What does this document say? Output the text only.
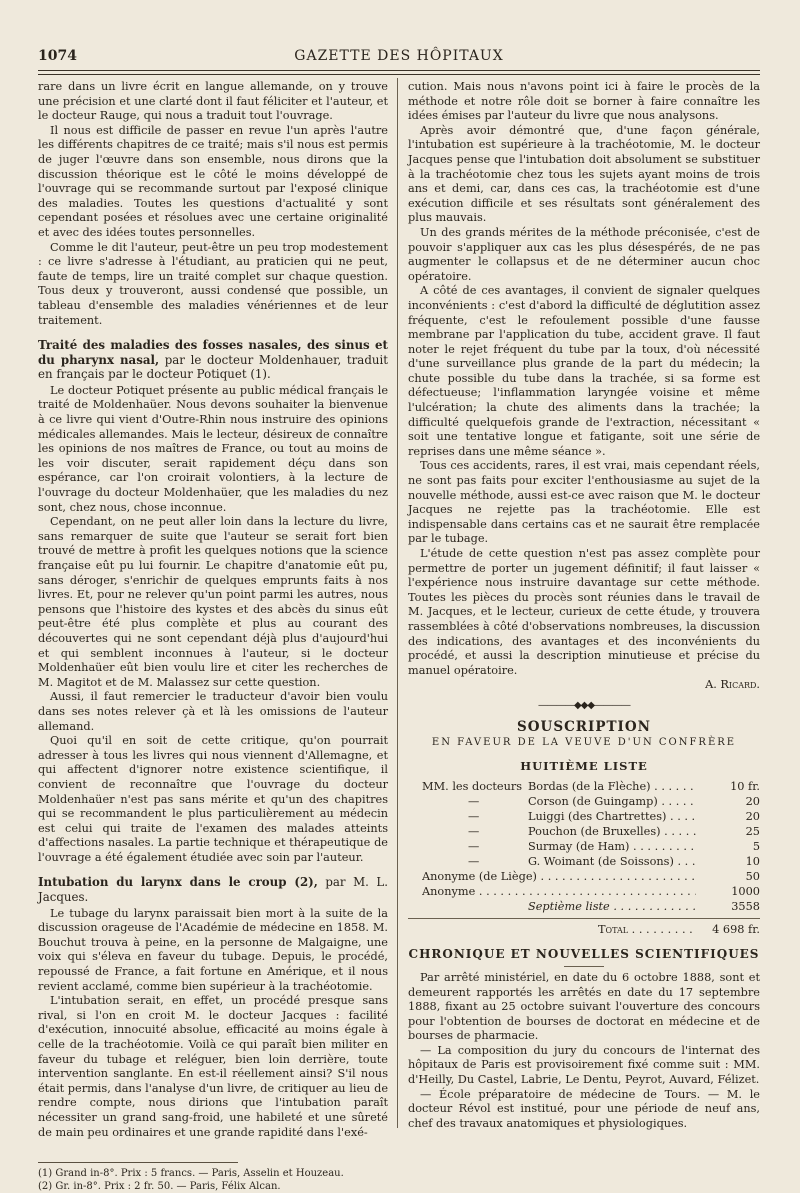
1074	GAZETTE DES HÔPITAUX

rare dans un livre écrit en langue allemande, on y trouve une précision et une clarté dont il faut féliciter et l'auteur, et le docteur Rauge, qui nous a traduit tout l'ouvrage.

Il nous est difficile de passer en revue l'un après l'autre les différents chapitres de ce traité; mais s'il nous est permis de juger l'œuvre dans son ensemble, nous dirons que la discussion théorique est le côté le moins développé de l'ouvrage qui se recommande surtout par l'exposé clinique des maladies. Toutes les questions d'actualité y sont cependant posées et résolues avec une certaine originalité et avec des idées toutes personnelles.

Comme le dit l'auteur, peut-être un peu trop modestement : ce livre s'adresse à l'étudiant, au praticien qui ne peut, faute de temps, lire un traité complet sur chaque question. Tous deux y trouveront, aussi condensé que possible, un tableau d'ensemble des maladies vénériennes et de leur traitement.

Traité des maladies des fosses nasales, des sinus et du pharynx nasal, par le docteur Moldenhauer, traduit en français par le docteur Potiquet (1).

Le docteur Potiquet présente au public médical français le traité de Moldenhaüer. Nous devons souhaiter la bienvenue à ce livre qui vient d'Outre-Rhin nous instruire des opinions médicales allemandes. Mais le lecteur, désireux de connaître les opinions de nos maîtres de France, ou tout au moins de les voir discuter, serait rapidement déçu dans son espérance, car l'on croirait volontiers, à la lecture de l'ouvrage du docteur Moldenhaüer, que les maladies du nez sont, chez nous, chose inconnue.

Cependant, on ne peut aller loin dans la lecture du livre, sans remarquer de suite que l'auteur se serait fort bien trouvé de mettre à profit les quelques notions que la science française eût pu lui fournir. Le chapitre d'anatomie eût pu, sans déroger, s'enrichir de quelques emprunts faits à nos livres. Et, pour ne relever qu'un point parmi les autres, nous pensons que l'histoire des kystes et des abcès du sinus eût peut-être été plus complète et plus au courant des découvertes qui ne sont cependant déjà plus d'aujourd'hui et qui semblent inconnues à l'auteur, si le docteur Moldenhaüer eût bien voulu lire et citer les recherches de M. Magitot et de M. Malassez sur cette question.

Aussi, il faut remercier le traducteur d'avoir bien voulu dans ses notes relever çà et là les omissions de l'auteur allemand.

Quoi qu'il en soit de cette critique, qu'on pourrait adresser à tous les livres qui nous viennent d'Allemagne, et qui affectent d'ignorer notre existence scientifique, il convient de reconnaître que l'ouvrage du docteur Moldenhaüer n'est pas sans mérite et qu'un des chapitres qui se recommandent le plus particulièrement au médecin est celui qui traite de l'examen des malades atteints d'affections nasales. La partie technique et thérapeutique de l'ouvrage a été également étudiée avec soin par l'auteur.

Intubation du larynx dans le croup (2), par M. L. Jacques.

Le tubage du larynx paraissait bien mort à la suite de la discussion orageuse de l'Académie de médecine en 1858. M. Bouchut trouva à peine, en la personne de Malgaigne, une voix qui s'éleva en faveur du tubage. Depuis, le procédé, repoussé de France, a fait fortune en Amérique, et il nous revient acclamé, comme bien supérieur à la trachéotomie.

L'intubation serait, en effet, un procédé presque sans rival, si l'on en croit M. le docteur Jacques : facilité d'exécution, innocuité absolue, efficacité au moins égale à celle de la trachéotomie. Voilà ce qui paraît bien militer en faveur du tubage et reléguer, bien loin derrière, toute intervention sanglante. En est-il réellement ainsi? S'il nous était permis, dans l'analyse d'un livre, de critiquer au lieu de rendre compte, nous dirions que l'intubation paraît nécessiter un grand sang-froid, une habileté et une sûreté de main peu ordinaires et une grande rapidité dans l'exé-

(1) Grand in-8°. Prix : 5 francs. — Paris, Asselin et Houzeau.

(2) Gr. in-8°. Prix : 2 fr. 50. — Paris, Félix Alcan.

cution. Mais nous n'avons point ici à faire le procès de la méthode et notre rôle doit se borner à faire connaître les idées émises par l'auteur du livre que nous analysons.

Après avoir démontré que, d'une façon générale, l'intubation est supérieure à la trachéotomie, M. le docteur Jacques pense que l'intubation doit absolument se substituer à la trachéotomie chez tous les sujets ayant moins de trois ans et demi, car, dans ces cas, la trachéotomie est d'une exécution difficile et ses résultats sont généralement des plus mauvais.

Un des grands mérites de la méthode préconisée, c'est de pouvoir s'appliquer aux cas les plus désespérés, de ne pas augmenter le collapsus et de ne déterminer aucun choc opératoire.

A côté de ces avantages, il convient de signaler quelques inconvénients : c'est d'abord la difficulté de déglutition assez fréquente, c'est le refoulement possible d'une fausse membrane par l'application du tube, accident grave. Il faut noter le rejet fréquent du tube par la toux, d'où nécessité d'une surveillance plus grande de la part du médecin; la chute possible du tube dans la trachée, si sa forme est défectueuse; l'inflammation laryngée voisine et même l'ulcération; la chute des aliments dans la trachée; la difficulté quelquefois grande de l'extraction, nécessitant « soit une tentative longue et fatigante, soit une série de reprises dans une même séance ».

Tous ces accidents, rares, il est vrai, mais cependant réels, ne sont pas faits pour exciter l'enthousiasme au sujet de la nouvelle méthode, aussi est-ce avec raison que M. le docteur Jacques ne rejette pas la trachéotomie. Elle est indispensable dans certains cas et ne saurait être remplacée par le tubage.

L'étude de cette question n'est pas assez complète pour permettre de porter un jugement définitif; il faut laisser « l'expérience nous instruire davantage sur cette méthode. Toutes les pièces du procès sont réunies dans le travail de M. Jacques, et le lecteur, curieux de cette étude, y trouvera rassemblées à côté d'observations nombreuses, la discussion des indications, des avantages et des inconvénients du procédé, et aussi la description minutieuse et précise du manuel opératoire.

A. Ricard.

————◆◆◆————

SOUSCRIPTION

EN FAVEUR DE LA VEUVE D'UN CONFRÈRE

HUITIÈME LISTE

MM. les docteurs Bordas (de la Flèche) . . .	10 fr.
—	Corson (de Guingamp) . . .	20
—	Luiggi (des Chartrettes) . . .	20
—	Pouchon (de Bruxelles) . . .	25
—	Surmay (de Ham) . . .	5
—	G. Woimant (de Soissons) . . .	10
Anonyme (de Liège) . . .	50
Anonyme . . .	1000
Septième liste . . .	3558
Total . . .	4 698 fr.

CHRONIQUE ET NOUVELLES SCIENTIFIQUES

Par arrêté ministériel, en date du 6 octobre 1888, sont et demeurent rapportés les arrêtés en date du 17 septembre 1888, fixant au 25 octobre suivant l'ouverture des concours pour l'obtention de bourses de doctorat en médecine et de bourses de pharmacie.

— La composition du jury du concours de l'internat des hôpitaux de Paris est provisoirement fixé comme suit : MM. d'Heilly, Du Castel, Labrie, Le Dentu, Peyrot, Auvard, Félizet.

— École préparatoire de médecine de Tours. — M. le docteur Révol est institué, pour une période de neuf ans, chef des travaux anatomiques et physiologiques.
